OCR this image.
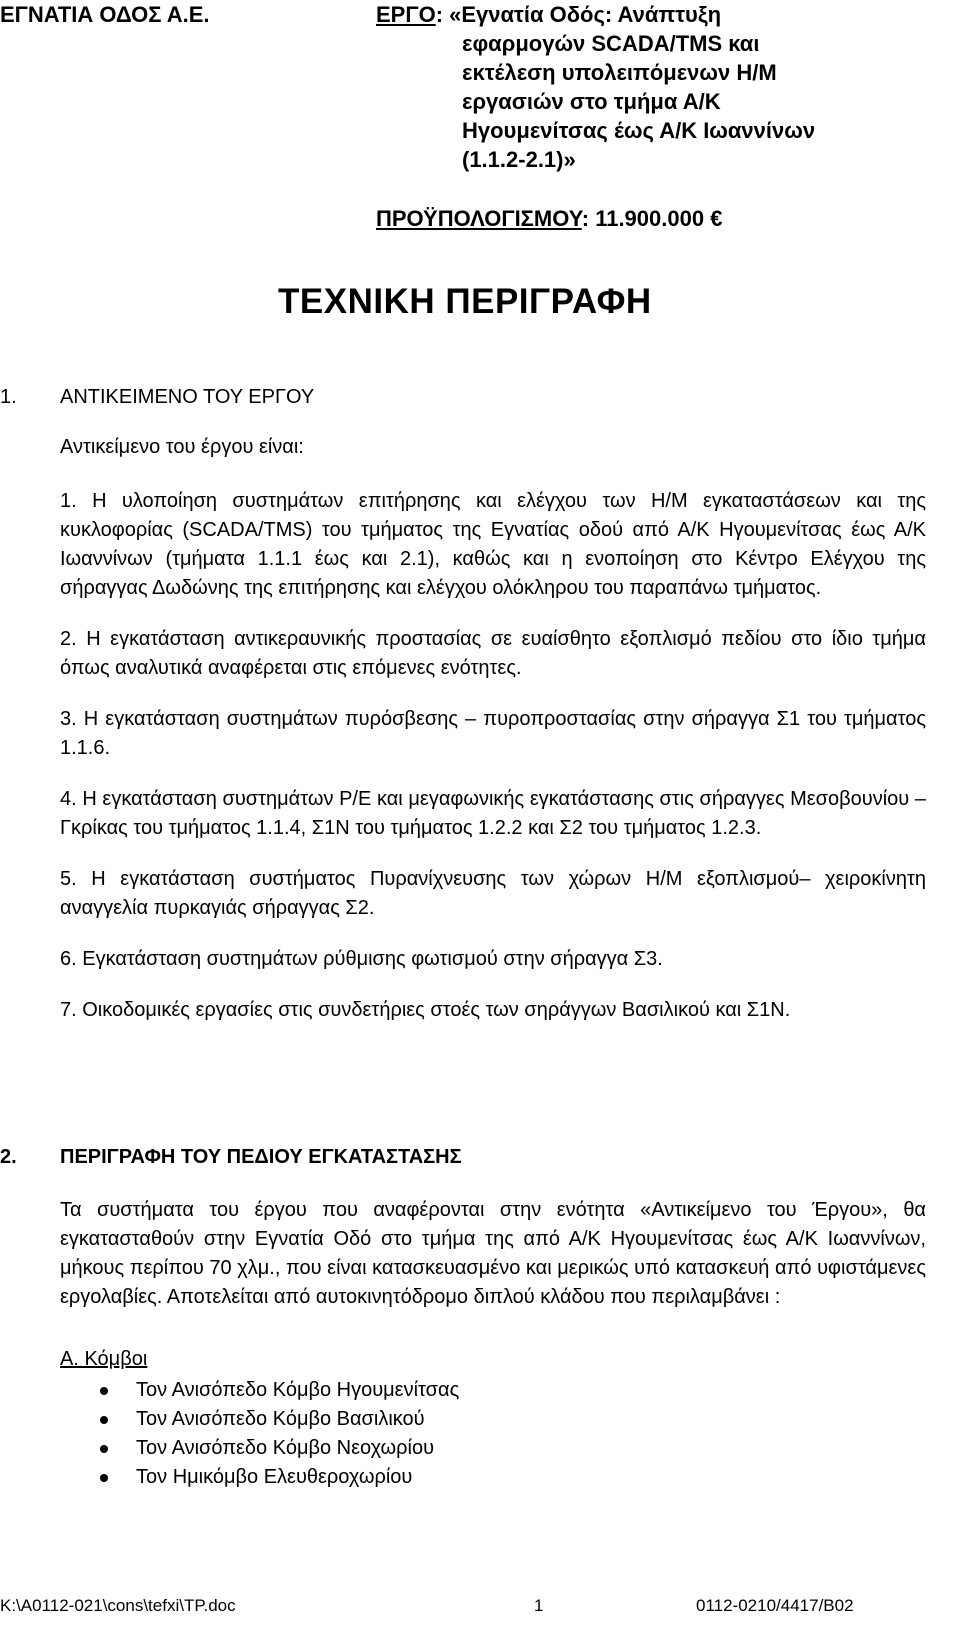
ΕΓΝΑΤΙΑ ΟΔΟΣ Α.Ε.	ΕΡΓΟ: «Εγνατία Οδός: Ανάπτυξη
εφαρμογών SCADA/TMS και
εκτέλεση υπολειπόμενων Η/Μ
εργασιών στο τμήμα Α/Κ
Ηγουμενίτσας έως Α/Κ Ιωαννίνων
(1.1.2-2.1)»
ΠΡΟΫΠΟΛΟΓΙΣΜΟΥ: 11.900.000 €
ΤΕΧΝΙΚΗ ΠΕΡΙΓΡΑΦΗ
1. ΑΝΤΙΚΕΙΜΕΝΟ ΤΟΥ ΕΡΓΟΥ
Αντικείμενο του έργου είναι:
1. Η υλοποίηση συστημάτων επιτήρησης και ελέγχου των Η/Μ εγκαταστάσεων και της κυκλοφορίας (SCADA/TMS) του τμήματος της Εγνατίας οδού από Α/Κ Ηγουμενίτσας έως Α/Κ Ιωαννίνων (τμήματα 1.1.1 έως και 2.1), καθώς και η ενοποίηση στο Κέντρο Ελέγχου της σήραγγας Δωδώνης της επιτήρησης και ελέγχου ολόκληρου του παραπάνω τμήματος.
2. Η εγκατάσταση αντικεραυνικής προστασίας σε ευαίσθητο εξοπλισμό πεδίου στο ίδιο τμήμα όπως αναλυτικά αναφέρεται στις επόμενες ενότητες.
3. Η εγκατάσταση συστημάτων πυρόσβεσης – πυροπροστασίας στην σήραγγα Σ1 του τμήματος 1.1.6.
4. Η εγκατάσταση συστημάτων Ρ/Ε και μεγαφωνικής εγκατάστασης στις σήραγγες Μεσοβουνίου –Γκρίκας του τμήματος 1.1.4, Σ1Ν του τμήματος 1.2.2 και Σ2 του τμήματος 1.2.3.
5. Η εγκατάσταση συστήματος Πυρανίχνευσης των χώρων Η/Μ εξοπλισμού– χειροκίνητη αναγγελία πυρκαγιάς σήραγγας Σ2.
6. Εγκατάσταση συστημάτων ρύθμισης φωτισμού στην σήραγγα Σ3.
7. Οικοδομικές εργασίες στις συνδετήριες στοές των σηράγγων Βασιλικού και Σ1Ν.
2. ΠΕΡΙΓΡΑΦΗ ΤΟΥ ΠΕΔΙΟΥ ΕΓΚΑΤΑΣΤΑΣΗΣ
Τα συστήματα του έργου που αναφέρονται στην ενότητα «Αντικείμενο του Έργου», θα εγκατασταθούν στην Εγνατία Οδό στο τμήμα της από Α/Κ Ηγουμενίτσας έως Α/Κ Ιωαννίνων, μήκους περίπου 70 χλμ., που είναι κατασκευασμένο και μερικώς υπό κατασκευή από υφιστάμενες εργολαβίες. Αποτελείται από αυτοκινητόδρομο διπλού κλάδου που περιλαμβάνει :
Α. Κόμβοι
Τον Ανισόπεδο Κόμβο Ηγουμενίτσας
Τον Ανισόπεδο Κόμβο Βασιλικού
Τον Ανισόπεδο Κόμβο Νεοχωρίου
Τον Ημικόμβο Ελευθεροχωρίου
K:\A0112-021\cons\tefxi\TP.doc	1	0112-0210/4417/B02
